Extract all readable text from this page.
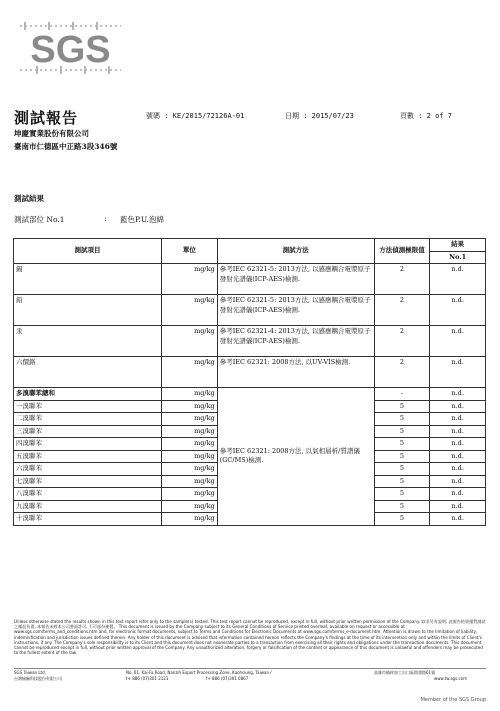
SGS
測試報告	號碼 : KE/2015/72126A-01	日期 : 2015/07/23	頁數 : 2 of 7
坤慶實業股份有限公司
臺南市仁德區中正路3段346號
測試結果
測試部位 No.1	: 藍色P.U.泡綿
測試項目	單位	測試方法	方法偵測極限值	結果
				No.1
鎘	mg/kg	參考IEC 62321-5: 2013方法, 以感應耦合電漿原子發射光譜儀(ICP-AES)檢測.	2	n.d.
鉛	mg/kg	參考IEC 62321-5: 2013方法, 以感應耦合電漿原子發射光譜儀(ICP-AES)檢測.	2	n.d.
汞	mg/kg	參考IEC 62321-4: 2013方法, 以感應耦合電漿原子發射光譜儀(ICP-AES)檢測.	2	n.d.
六價鉻	mg/kg	參考IEC 62321: 2008方法, 以UV-VIS檢測.	2	n.d.
多溴聯苯總和	mg/kg	參考IEC 62321: 2008方法, 以氣相層析/質譜儀(GC/MS)檢測.	-	n.d.
一溴聯苯	mg/kg		5	n.d.
二溴聯苯	mg/kg		5	n.d.
三溴聯苯	mg/kg		5	n.d.
四溴聯苯	mg/kg		5	n.d.
五溴聯苯	mg/kg		5	n.d.
六溴聯苯	mg/kg		5	n.d.
七溴聯苯	mg/kg		5	n.d.
八溴聯苯	mg/kg		5	n.d.
九溴聯苯	mg/kg		5	n.d.
十溴聯苯	mg/kg		5	n.d.
Unless otherwise stated the results shown in this test report refer only to the sample(s) tested. This test report cannot be reproduced, except in full, without prior written permission of the Company. 除非另有說明, 此報告結果僅對測試之樣品負責, 本報告未經本公司書面許可, 不可部份複製。 This document is issued by the Company subject to its General Conditions of Service printed overleaf, available on request or accessible at www.sgs.com/terms_and_conditions.htm and, for electronic format documents, subject to Terms and Conditions for Electronic Documents at www.sgs.com/terms_e-document.htm. Attention is drawn to the limitation of liability, indemnification and jurisdiction issues defined therein. Any holder of this document is advised that information contained hereon reflects the Company's findings at the time of its intervention only and within the limits of Client's instructions, if any. The Company's sole responsibility is to its Client and this document does not exonerate parties to a transaction from exercising all their rights and obligations under the transaction documents. This document cannot be reproduced except in full, without prior written approval of the Company. Any unauthorized alteration, forgery or falsification of the content or appearance of this document is unlawful and offenders may be prosecuted to the fullest extent of the law.
SGS Taiwan Ltd.
台灣檢驗科技股份有限公司
No. 61, Kai-Fa Road, Nanzih Export Processing Zone, Kaohsiung, Taiwan /
t+ 886 (07)301 2121	f+ 886 (07)301 0867
高雄市楠梓加工出口區開發路61號
www.tw.sgs.com
Member of the SGS Group
